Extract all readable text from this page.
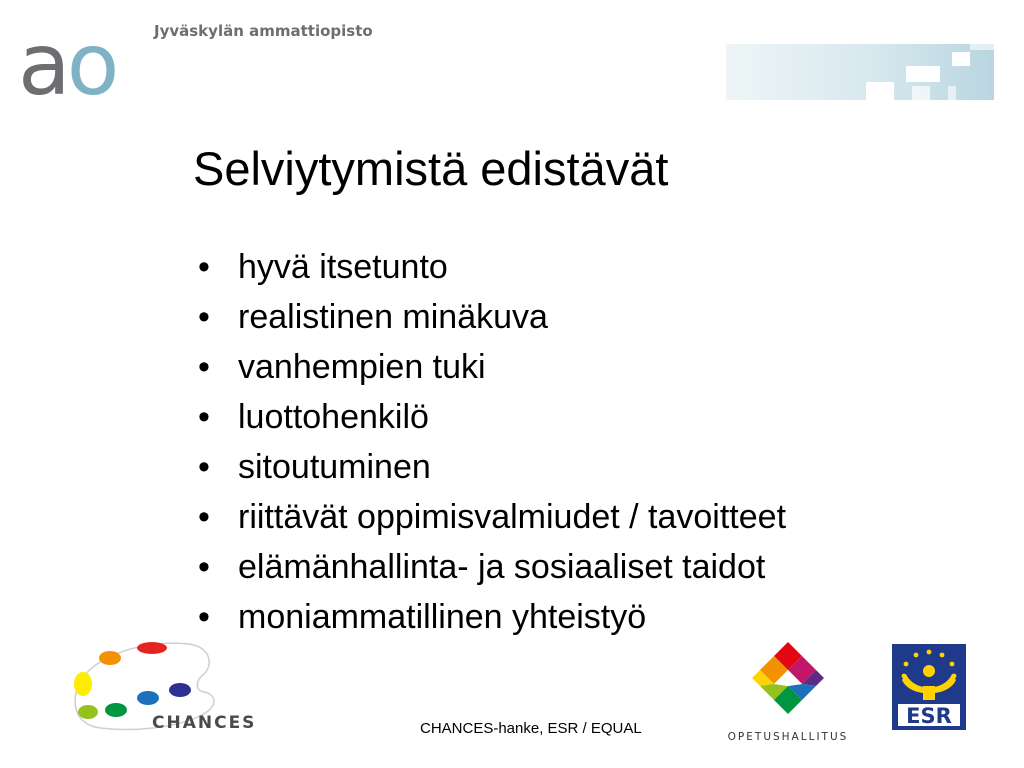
ao	Jyväskylän ammattiopisto
Selviytymistä edistävät
• hyvä itsetunto
• realistinen minäkuva
• vanhempien tuki
• luottohenkilö
• sitoutuminen
• riittävät oppimisvalmiudet / tavoitteet
• elämänhallinta- ja sosiaaliset taidot
• moniammatillinen yhteistyö
CHANCES	CHANCES-hanke, ESR / EQUAL	OPETUSHALLITUS
ESR
